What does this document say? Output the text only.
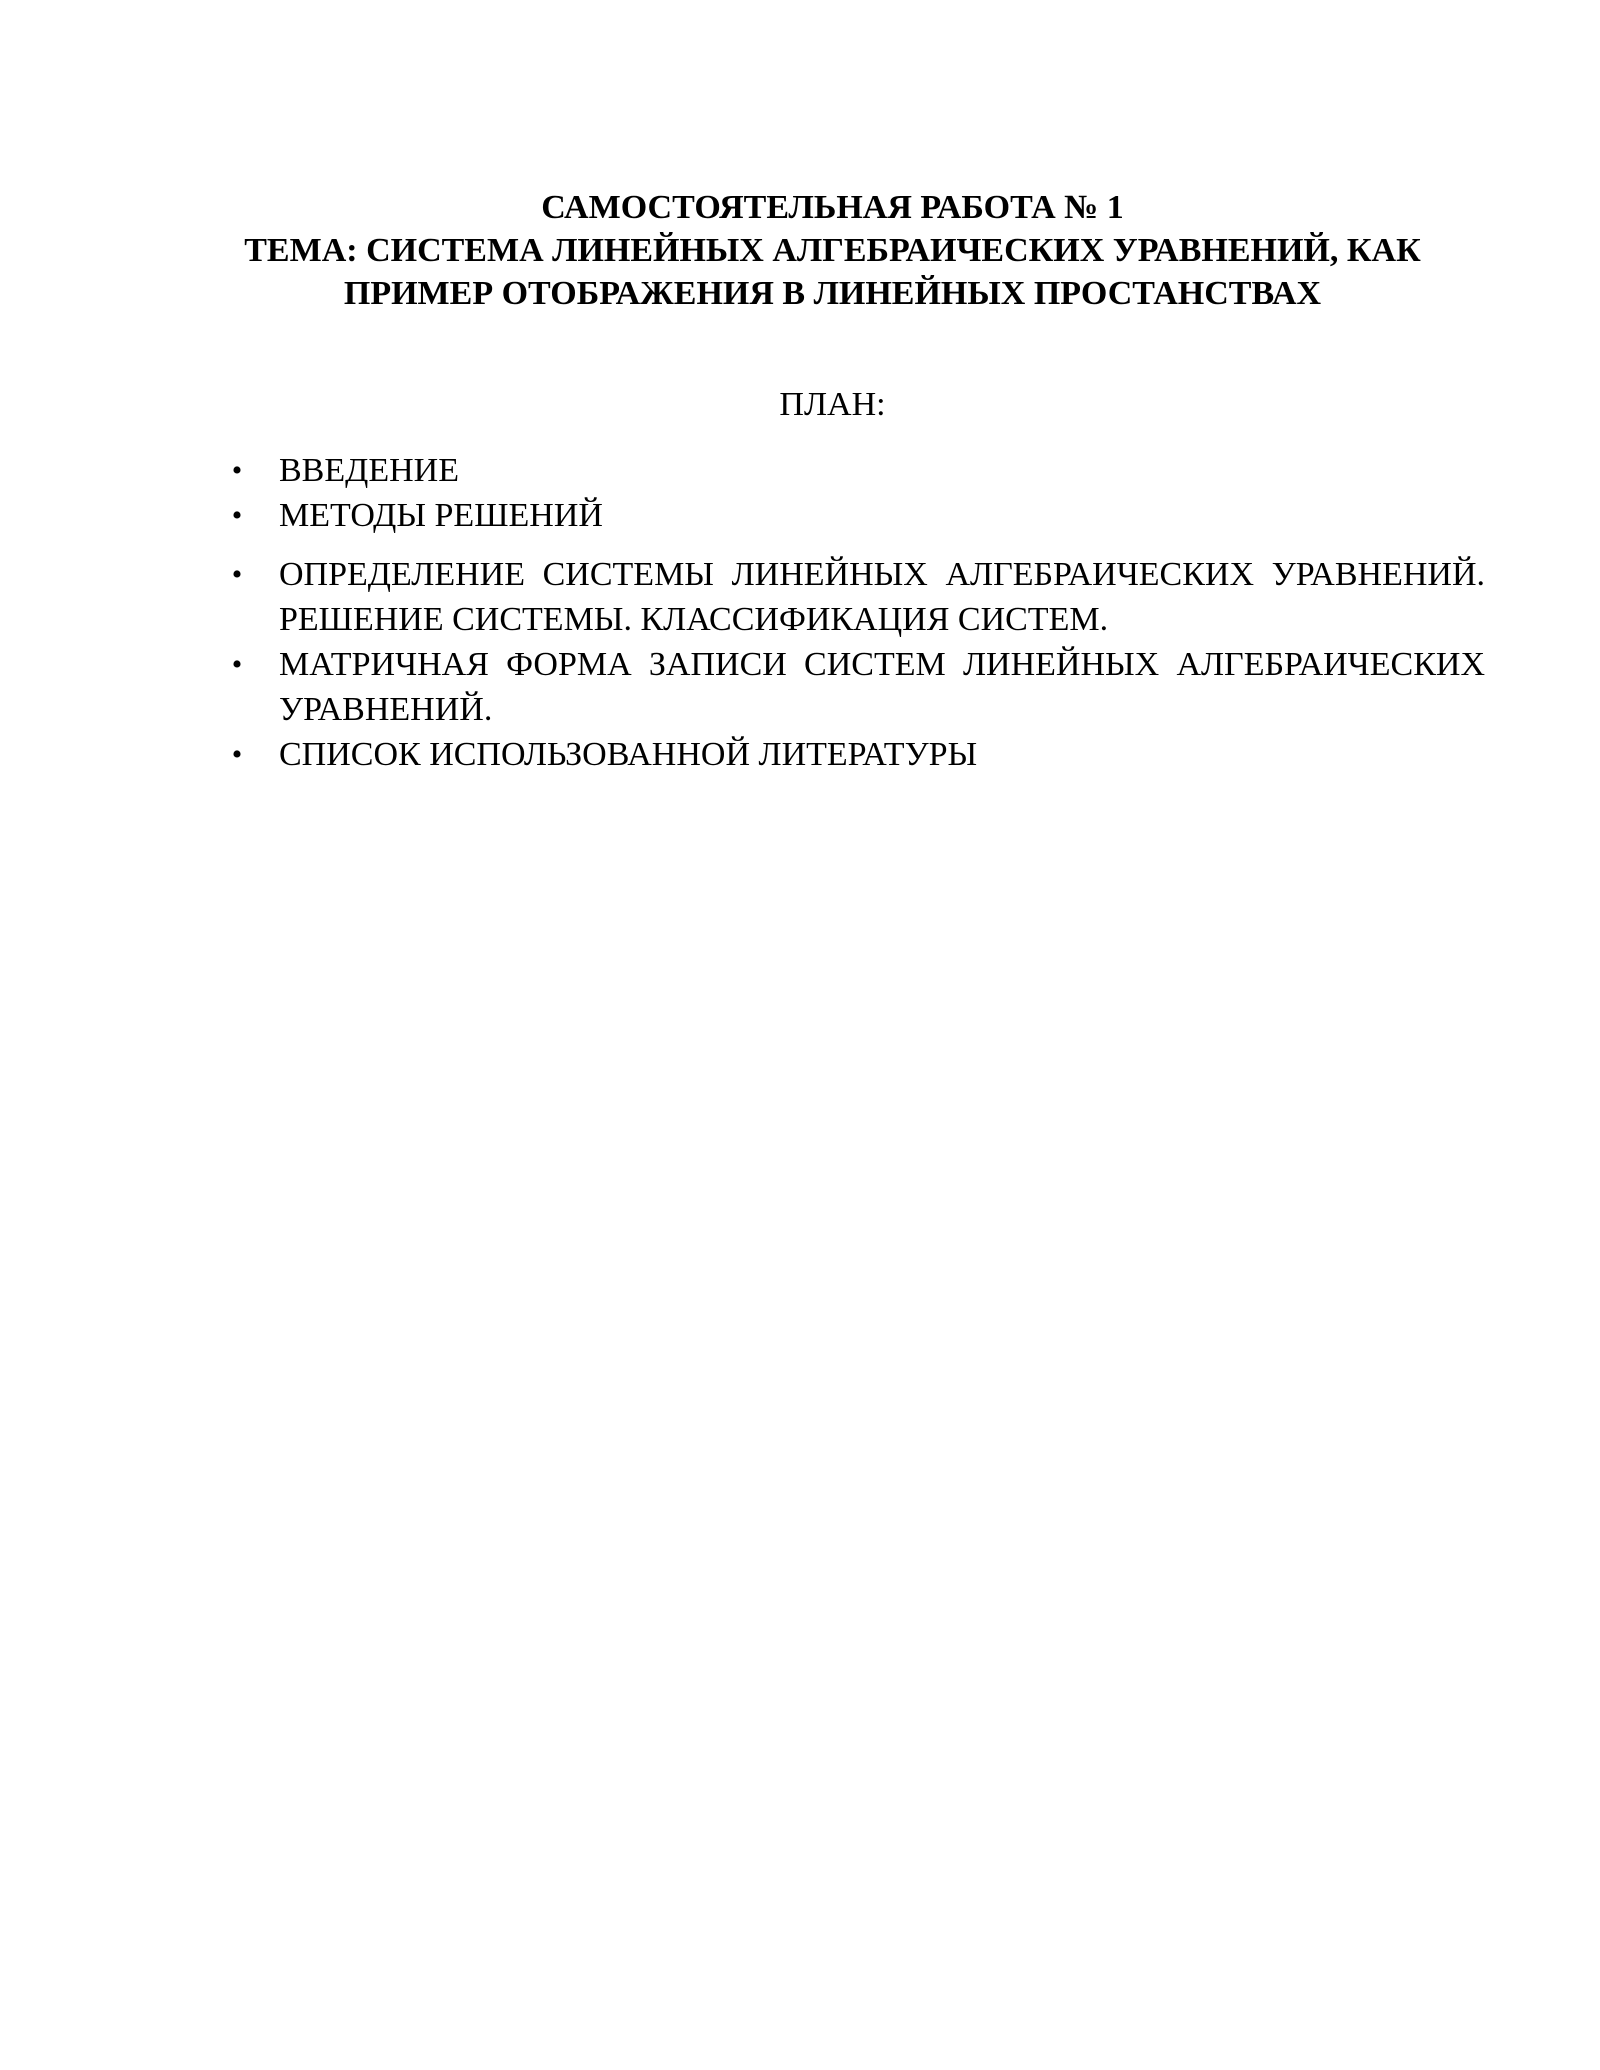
САМОСТОЯТЕЛЬНАЯ РАБОТА № 1
ТЕМА: СИСТЕМА ЛИНЕЙНЫХ АЛГЕБРАИЧЕСКИХ УРАВНЕНИЙ, КАК
ПРИМЕР ОТОБРАЖЕНИЯ В ЛИНЕЙНЫХ ПРОСТАНСТВАХ
ПЛАН:
• ВВЕДЕНИЕ
• МЕТОДЫ РЕШЕНИЙ
• ОПРЕДЕЛЕНИЕ СИСТЕМЫ ЛИНЕЙНЫХ АЛГЕБРАИЧЕСКИХ УРАВНЕНИЙ. РЕШЕНИЕ СИСТЕМЫ. КЛАССИФИКАЦИЯ СИСТЕМ.
• МАТРИЧНАЯ ФОРМА ЗАПИСИ СИСТЕМ ЛИНЕЙНЫХ АЛГЕБРАИЧЕСКИХ УРАВНЕНИЙ.
• СПИСОК ИСПОЛЬЗОВАННОЙ ЛИТЕРАТУРЫ
